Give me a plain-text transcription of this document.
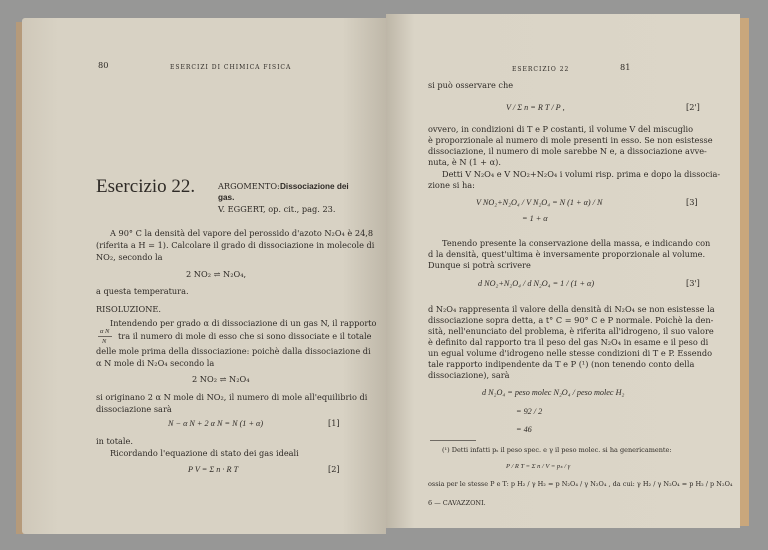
80	ESERCIZI DI CHIMICA FISICA
Esercizio 22.	ARGOMENTO: Dissociazione dei
gas.
V. EGGERT, op. cit., pag. 23.
A 90° C la densità del vapore del perossido d'azoto N₂O₄ è 24,8
(riferita a H = 1). Calcolare il grado di dissociazione in molecole di
NO₂, secondo la
2 NO₂ ⇌ N₂O₄,
a questa temperatura.
RISOLUZIONE.
Intendendo per grado α di dissociazione di un gas N, il rapporto
α N
N
tra il numero di mole di esso che si sono dissociate e il totale
delle mole prima della dissociazione: poichè dalla dissociazione di
α N mole di N₂O₄ secondo la
2 NO₂ ⇌ N₂O₄
si originano 2 α N mole di NO₂, il numero di mole all'equilibrio di
dissociazione sarà
N − α N + 2 α N = N (1 + α)	[1]
in totale.
Ricordando l'equazione di stato dei gas ideali
P V = Σ n · R T	[2]
ESERCIZIO 22	81
si può osservare che
V / Σ n = R T / P ,	[2']
ovvero, in condizioni di T e P costanti, il volume V del miscuglio
è proporzionale al numero di mole presenti in esso. Se non esistesse
dissociazione, il numero di mole sarebbe N e, a dissociazione avve-
nuta, è N (1 + α).
Detti V N₂O₄ e V NO₂+N₂O₄ i volumi risp. prima e dopo la dissocia-
zione si ha:
V NO₂+N₂O₄ / V N₂O₄ = N (1 + α) / N
= 1 + α
[3]
Tenendo presente la conservazione della massa, e indicando con
d la densità, quest'ultima è inversamente proporzionale al volume.
Dunque si potrà scrivere
d NO₂+N₂O₄ / d N₂O₄ = 1 / (1 + α)	[3']
d N₂O₄ rappresenta il valore della densità di N₂O₄ se non esistesse la
dissociazione sopra detta, a t° C = 90° C e P normale. Poichè la den-
sità, nell'enunciato del problema, è riferita all'idrogeno, il suo valore
è definito dal rapporto tra il peso del gas N₂O₄ in esame e il peso di
un egual volume d'idrogeno nelle stesse condizioni di T e P. Essendo
tale rapporto indipendente da T e P (¹) (non tenendo conto della
dissociazione), sarà
d N₂O₄ = peso molec N₂O₄ / peso molec H₂
= 92 / 2
= 46
(¹) Detti infatti pₛ il peso spec. e γ il peso molec. si ha genericamente:
P / R T = Σ n / V = pₛ / γ
ossia per le stesse P e T: p H₂ / γ H₂ = p N₂O₄ / γ N₂O₄ , da cui: γ H₂ / γ N₂O₄ = p H₂ / p N₂O₄
6 — CAVAZZONI.
